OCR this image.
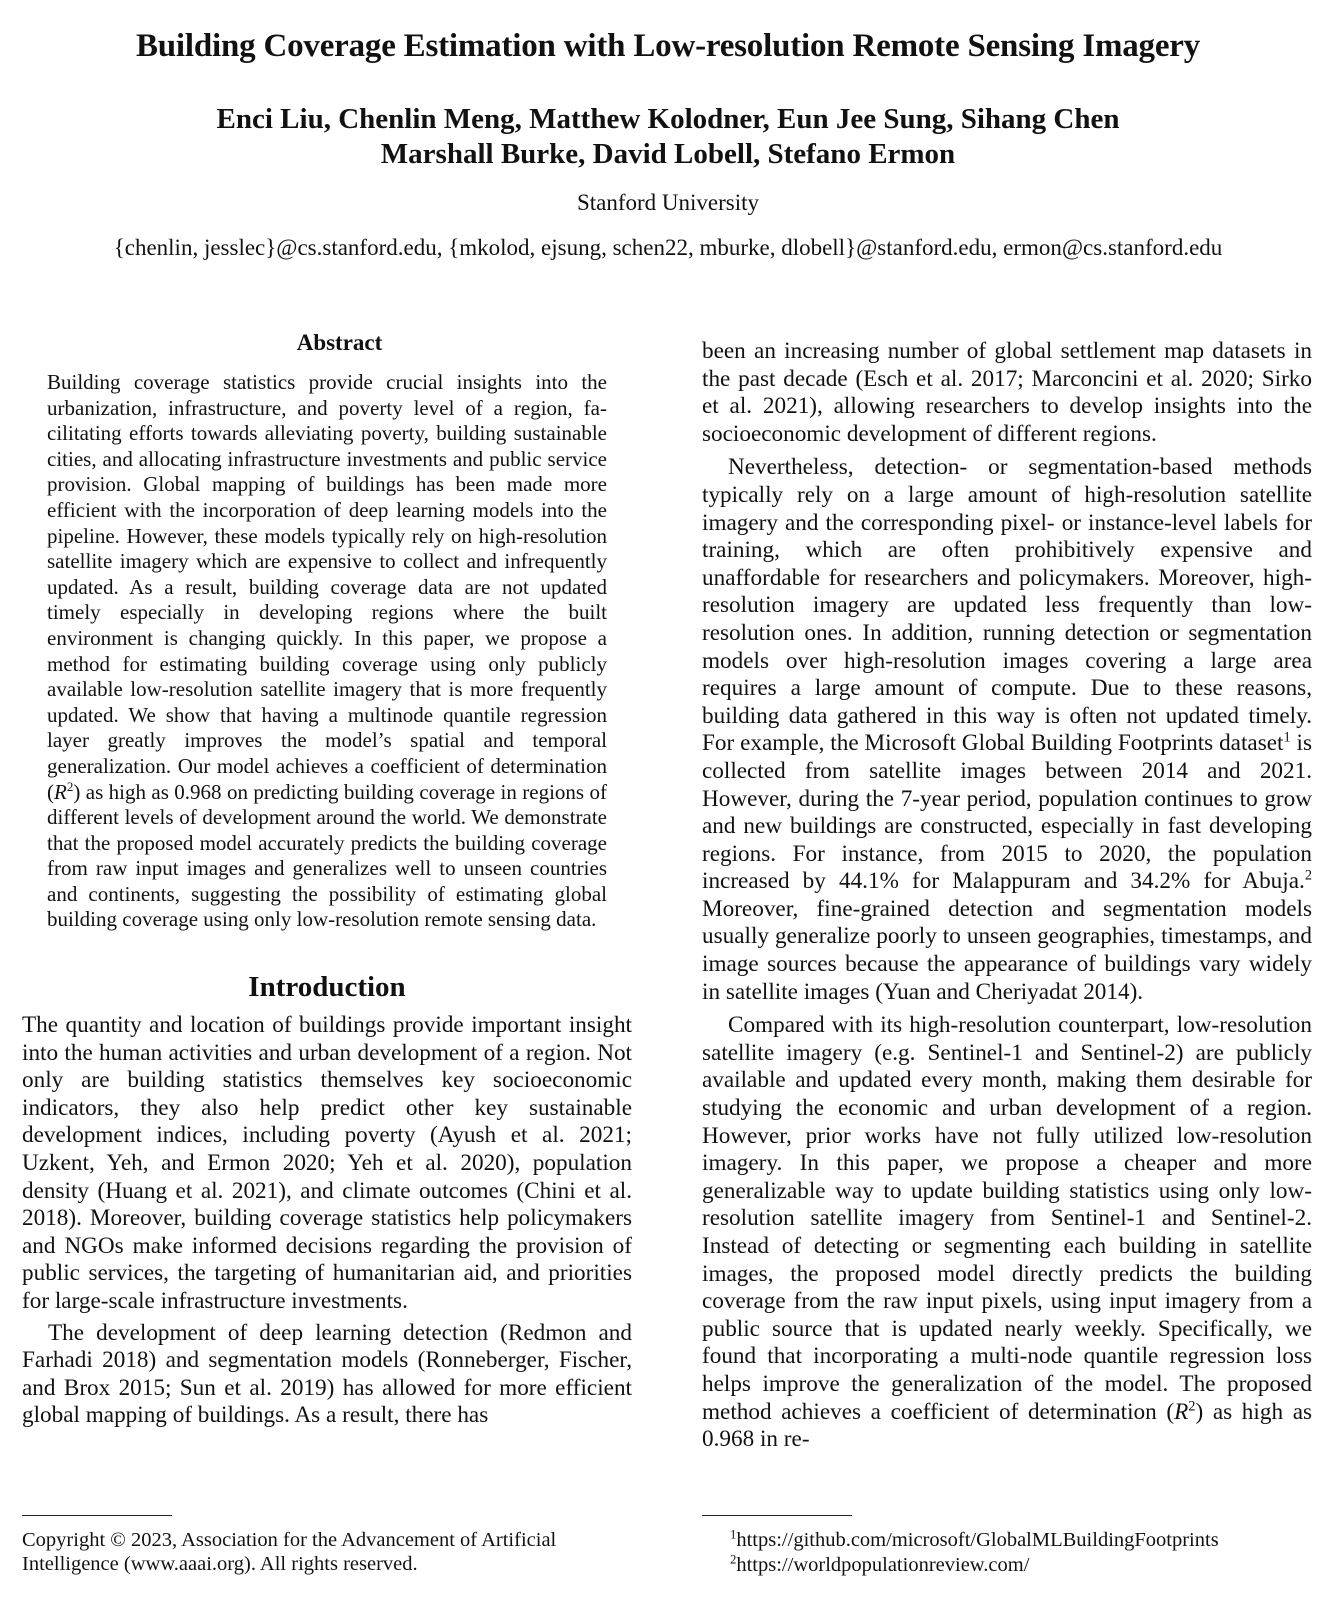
Building Coverage Estimation with Low-resolution Remote Sensing Imagery
Enci Liu, Chenlin Meng, Matthew Kolodner, Eun Jee Sung, Sihang Chen
Marshall Burke, David Lobell, Stefano Ermon
Stanford University
{chenlin, jesslec}@cs.stanford.edu, {mkolod, ejsung, schen22, mburke, dlobell}@stanford.edu, ermon@cs.stanford.edu
Abstract
Building coverage statistics provide crucial insights into the urbanization, infrastructure, and poverty level of a region, facilitating efforts towards alleviating poverty, building sustainable cities, and allocating infrastructure investments and public service provision. Global mapping of buildings has been made more efficient with the incorporation of deep learning models into the pipeline. However, these models typically rely on high-resolution satellite imagery which are expensive to collect and infrequently updated. As a result, building coverage data are not updated timely especially in developing regions where the built environment is changing quickly. In this paper, we propose a method for estimating building coverage using only publicly available low-resolution satellite imagery that is more frequently updated. We show that having a multinode quantile regression layer greatly improves the model’s spatial and temporal generalization. Our model achieves a coefficient of determination $(R^2)$ as high as 0.968 on predicting building coverage in regions of different levels of development around the world. We demonstrate that the proposed model accurately predicts the building coverage from raw input images and generalizes well to unseen countries and continents, suggesting the possibility of estimating global building coverage using only low-resolution remote sensing data.
Introduction

The quantity and location of buildings provide important insight into the human activities and urban development of a region. Not only are building statistics themselves key socioeconomic indicators, they also help predict other key sustainable development indices, including poverty (Ayush et al. 2021; Uzkent, Yeh, and Ermon 2020; Yeh et al. 2020), population density (Huang et al. 2021), and climate outcomes (Chini et al. 2018). Moreover, building coverage statistics help policymakers and NGOs make informed decisions regarding the provision of public services, the targeting of humanitarian aid, and priorities for large-scale infrastructure investments.

The development of deep learning detection (Redmon and Farhadi 2018) and segmentation models (Ronneberger, Fischer, and Brox 2015; Sun et al. 2019) has allowed for more efficient global mapping of buildings. As a result, there has

been an increasing number of global settlement map datasets in the past decade (Esch et al. 2017; Marconcini et al. 2020; Sirko et al. 2021), allowing researchers to develop insights into the socioeconomic development of different regions.

Nevertheless, detection- or segmentation-based methods typically rely on a large amount of high-resolution satellite imagery and the corresponding pixel- or instance-level labels for training, which are often prohibitively expensive and unaffordable for researchers and policymakers. Moreover, high-resolution imagery are updated less frequently than low-resolution ones. In addition, running detection or segmentation models over high-resolution images covering a large area requires a large amount of compute. Due to these reasons, building data gathered in this way is often not updated timely. For example, the Microsoft Global Building Footprints dataset$^1$ is collected from satellite images between 2014 and 2021. However, during the 7-year period, population continues to grow and new buildings are constructed, especially in fast developing regions. For instance, from 2015 to 2020, the population increased by 44.1% for Malappuram and 34.2% for Abuja.$^2$ Moreover, fine-grained detection and segmentation models usually generalize poorly to unseen geographies, timestamps, and image sources because the appearance of buildings vary widely in satellite images (Yuan and Cheriyadat 2014).

Compared with its high-resolution counterpart, low-resolution satellite imagery (e.g. Sentinel-1 and Sentinel-2) are publicly available and updated every month, making them desirable for studying the economic and urban development of a region. However, prior works have not fully utilized low-resolution imagery. In this paper, we propose a cheaper and more generalizable way to update building statistics using only low-resolution satellite imagery from Sentinel-1 and Sentinel-2. Instead of detecting or segmenting each building in satellite images, the proposed model directly predicts the building coverage from the raw input pixels, using input imagery from a public source that is updated nearly weekly. Specifically, we found that incorporating a multi-node quantile regression loss helps improve the generalization of the model. The proposed method achieves a coefficient of determination $(R^2)$ as high as 0.968 in re-

Copyright © 2023, Association for the Advancement of Artificial Intelligence (www.aaai.org). All rights reserved.
$^1$https://github.com/microsoft/GlobalMLBuildingFootprints
$^2$https://worldpopulationreview.com/
